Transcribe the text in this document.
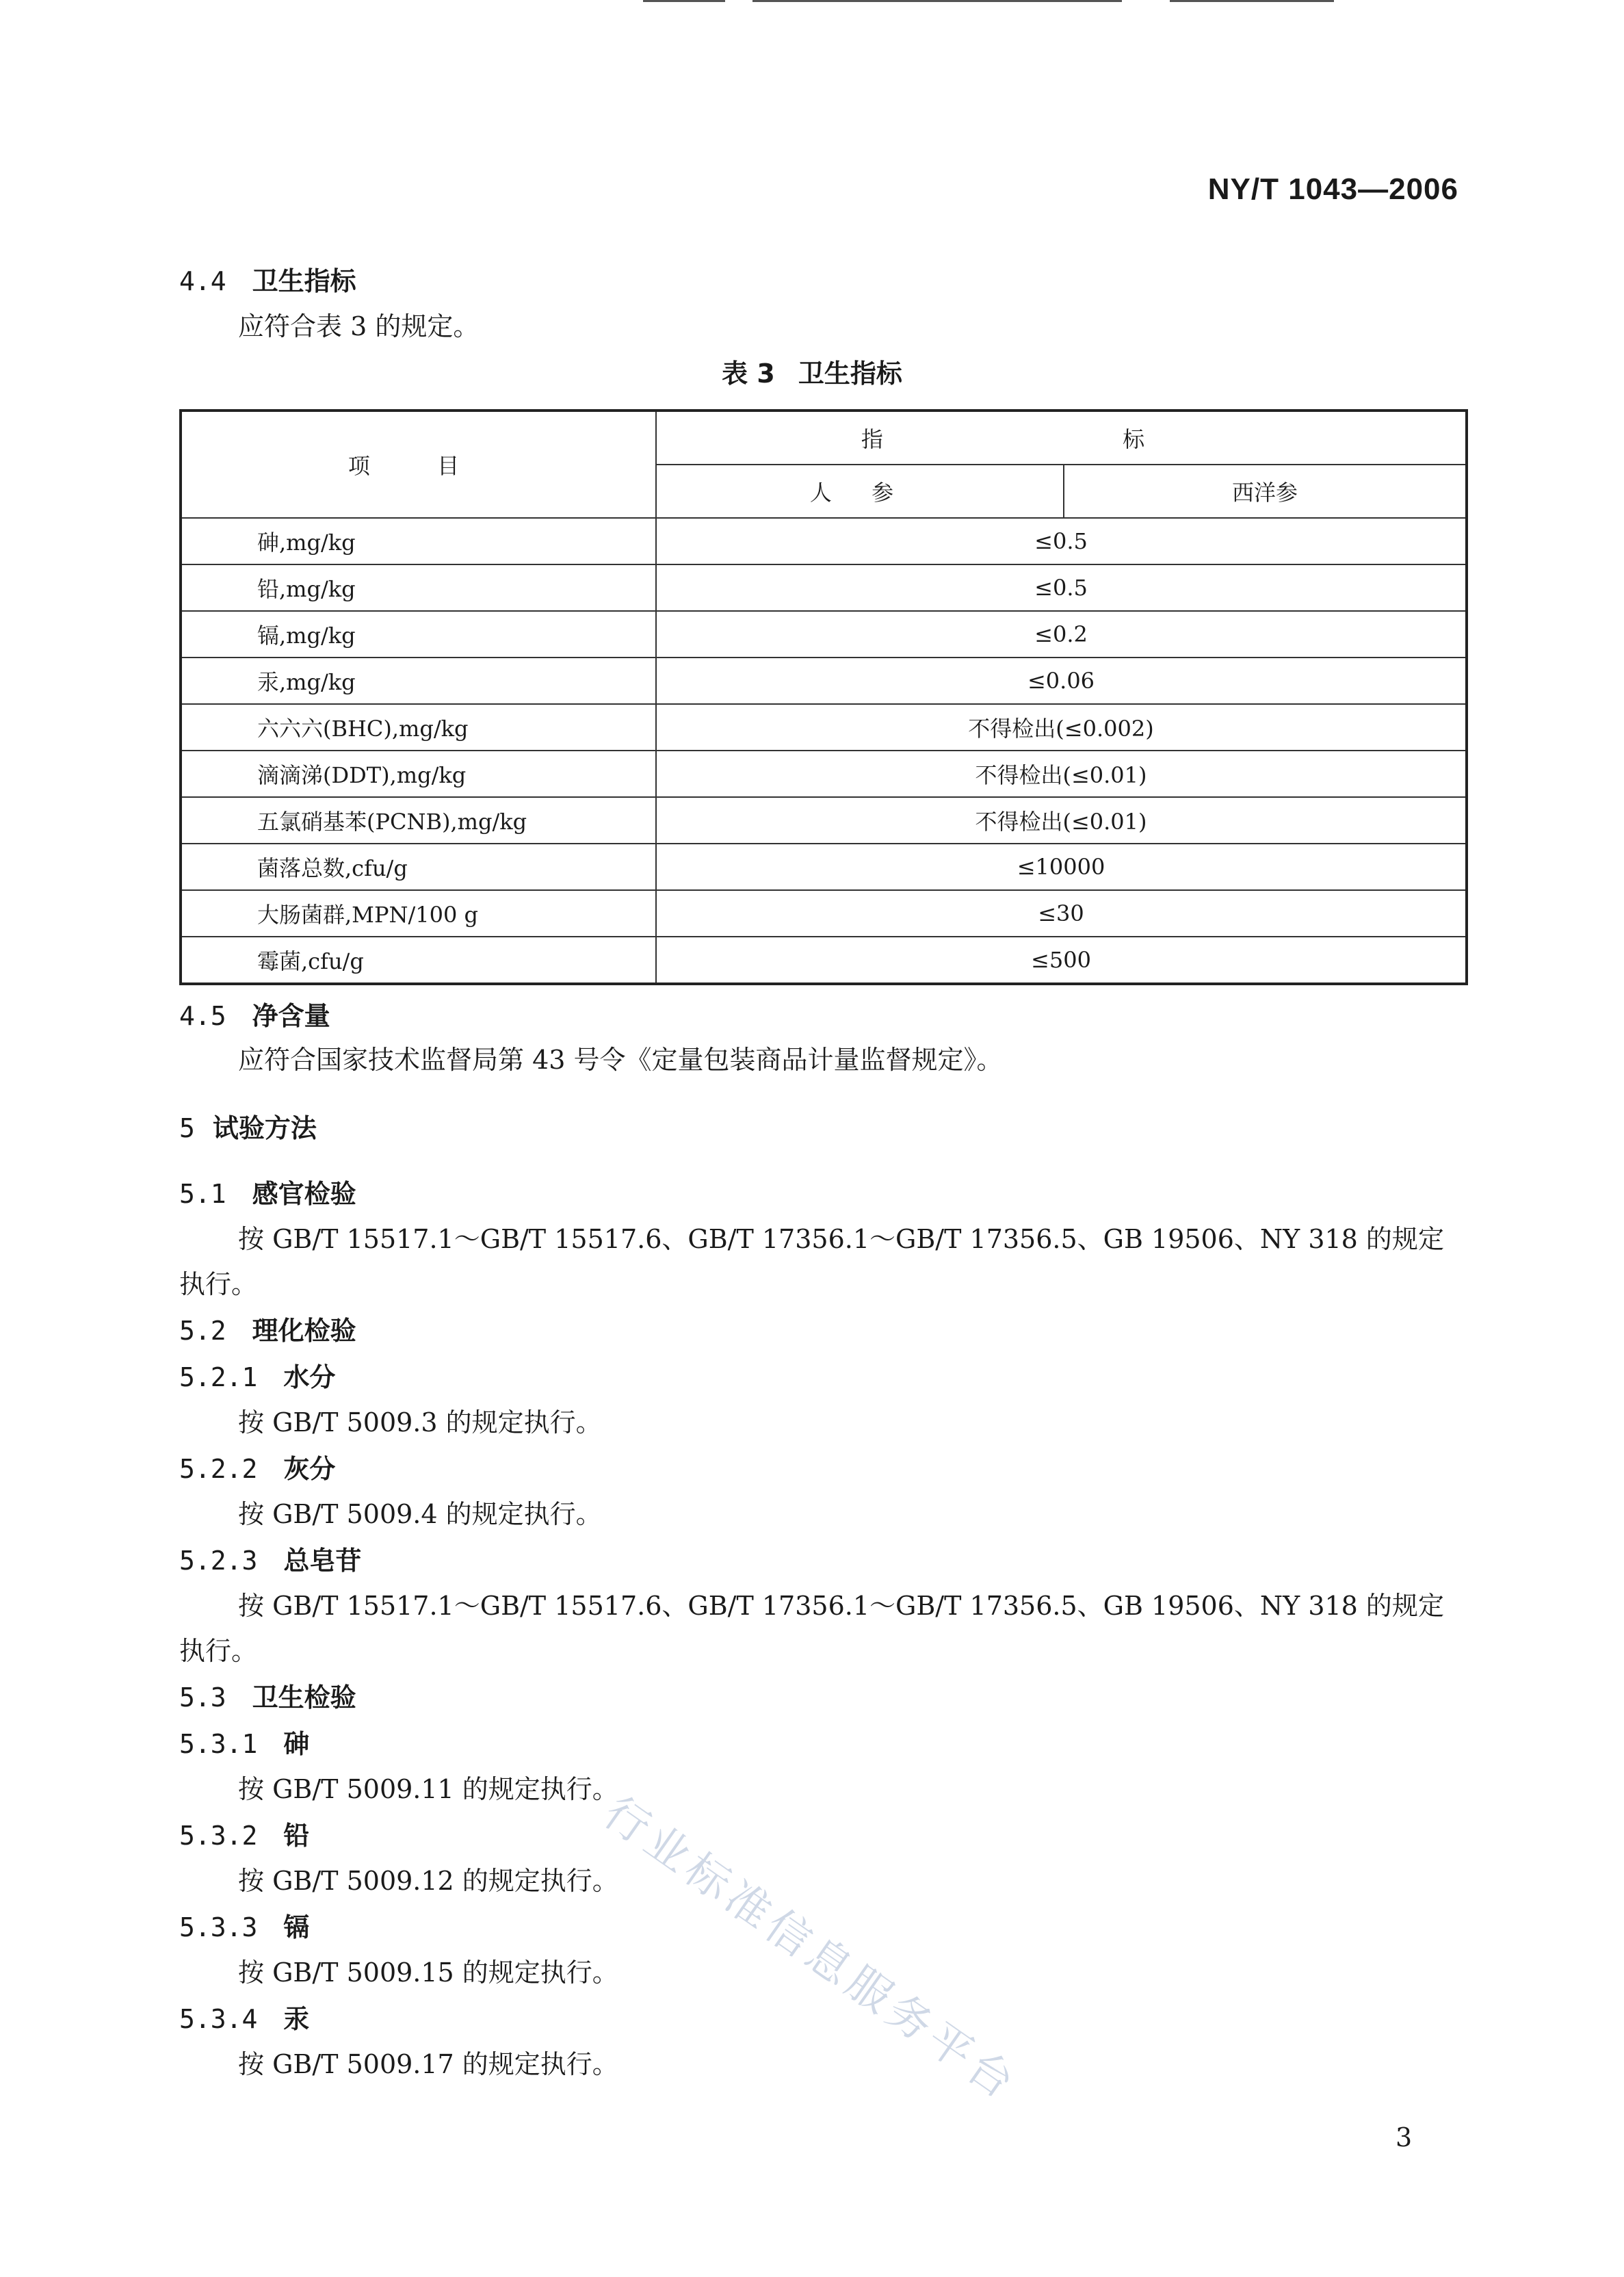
NY/T 1043—2006
4.4 卫生指标
应符合表 3 的规定。
表 3 卫生指标
项 目	指 标	
	人 参	西洋参
砷,mg/kg	≤0.5	
铅,mg/kg	≤0.5	
镉,mg/kg	≤0.2	
汞,mg/kg	≤0.06	
六六六(BHC),mg/kg	不得检出(≤0.002)	
滴滴涕(DDT),mg/kg	不得检出(≤0.01)	
五氯硝基苯(PCNB),mg/kg	不得检出(≤0.01)	
菌落总数,cfu/g	≤10000	
大肠菌群,MPN/100 g	≤30	
霉菌,cfu/g	≤500	
4.5 净含量
应符合国家技术监督局第 43 号令《定量包装商品计量监督规定》。
5 试验方法
5.1 感官检验
按 GB/T 15517.1～GB/T 15517.6、GB/T 17356.1～GB/T 17356.5、GB 19506、NY 318 的规定
执行。
5.2 理化检验
5.2.1 水分
按 GB/T 5009.3 的规定执行。
5.2.2 灰分
按 GB/T 5009.4 的规定执行。
5.2.3 总皂苷
按 GB/T 15517.1～GB/T 15517.6、GB/T 17356.1～GB/T 17356.5、GB 19506、NY 318 的规定
执行。
5.3 卫生检验
5.3.1 砷
按 GB/T 5009.11 的规定执行。
5.3.2 铅
按 GB/T 5009.12 的规定执行。
5.3.3 镉
按 GB/T 5009.15 的规定执行。
5.3.4 汞
按 GB/T 5009.17 的规定执行。
行业标准信息服务平台
3
